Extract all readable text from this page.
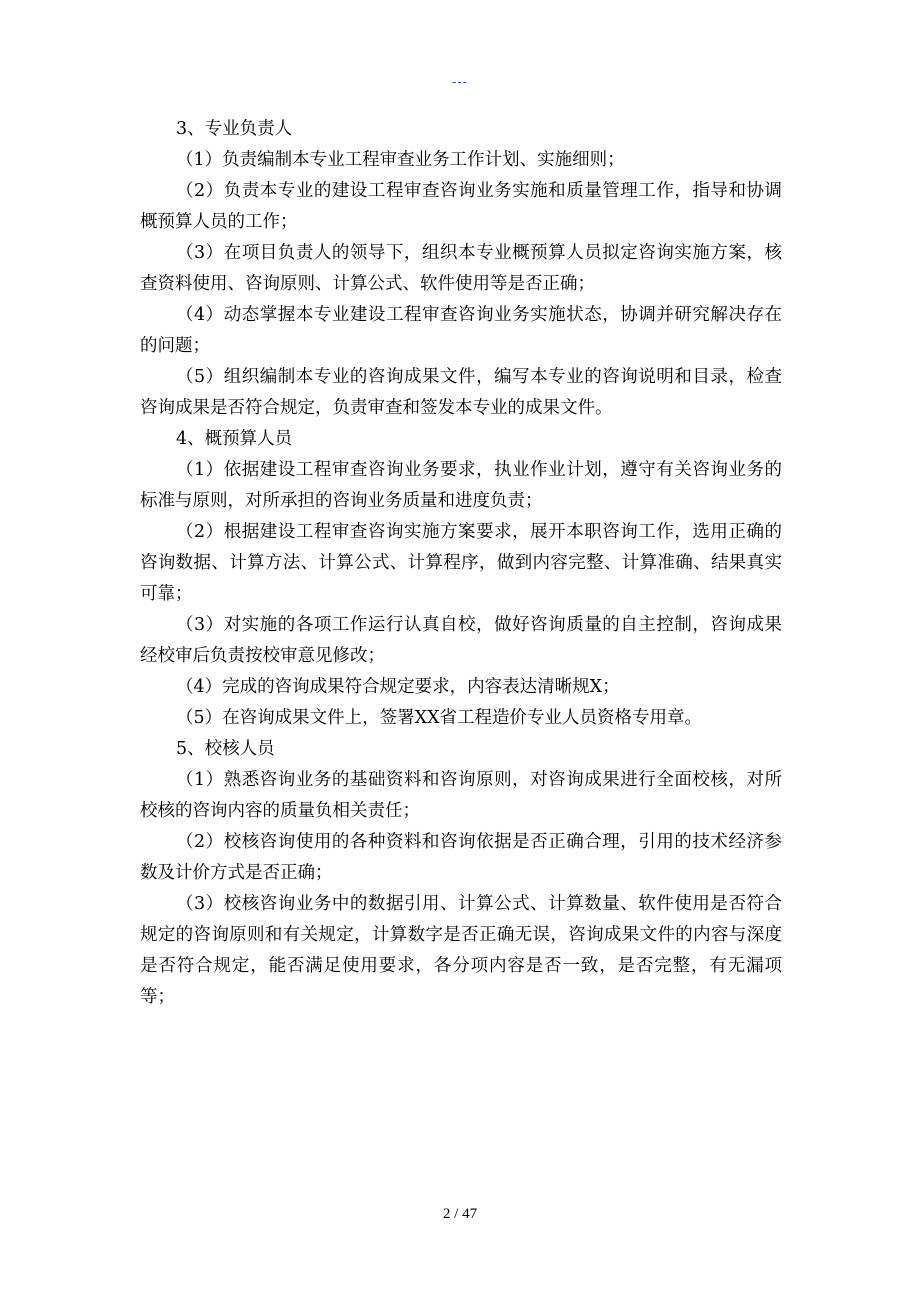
---

3、专业负责人

（1）负责编制本专业工程审查业务工作计划、实施细则；

（2）负责本专业的建设工程审查咨询业务实施和质量管理工作，指导和协调概预算人员的工作；

（3）在项目负责人的领导下，组织本专业概预算人员拟定咨询实施方案，核查资料使用、咨询原则、计算公式、软件使用等是否正确；

（4）动态掌握本专业建设工程审查咨询业务实施状态，协调并研究解决存在的问题；

（5）组织编制本专业的咨询成果文件，编写本专业的咨询说明和目录，检查咨询成果是否符合规定，负责审查和签发本专业的成果文件。

4、概预算人员

（1）依据建设工程审查咨询业务要求，执业作业计划，遵守有关咨询业务的标准与原则，对所承担的咨询业务质量和进度负责；

（2）根据建设工程审查咨询实施方案要求，展开本职咨询工作，选用正确的咨询数据、计算方法、计算公式、计算程序，做到内容完整、计算准确、结果真实可靠；

（3）对实施的各项工作运行认真自校，做好咨询质量的自主控制，咨询成果经校审后负责按校审意见修改；

（4）完成的咨询成果符合规定要求，内容表达清晰规X；

（5）在咨询成果文件上，签署XX省工程造价专业人员资格专用章。

5、校核人员

（1）熟悉咨询业务的基础资料和咨询原则，对咨询成果进行全面校核，对所校核的咨询内容的质量负相关责任；

（2）校核咨询使用的各种资料和咨询依据是否正确合理，引用的技术经济参数及计价方式是否正确；

（3）校核咨询业务中的数据引用、计算公式、计算数量、软件使用是否符合规定的咨询原则和有关规定，计算数字是否正确无误，咨询成果文件的内容与深度是否符合规定，能否满足使用要求，各分项内容是否一致，是否完整，有无漏项等；

2 / 47
